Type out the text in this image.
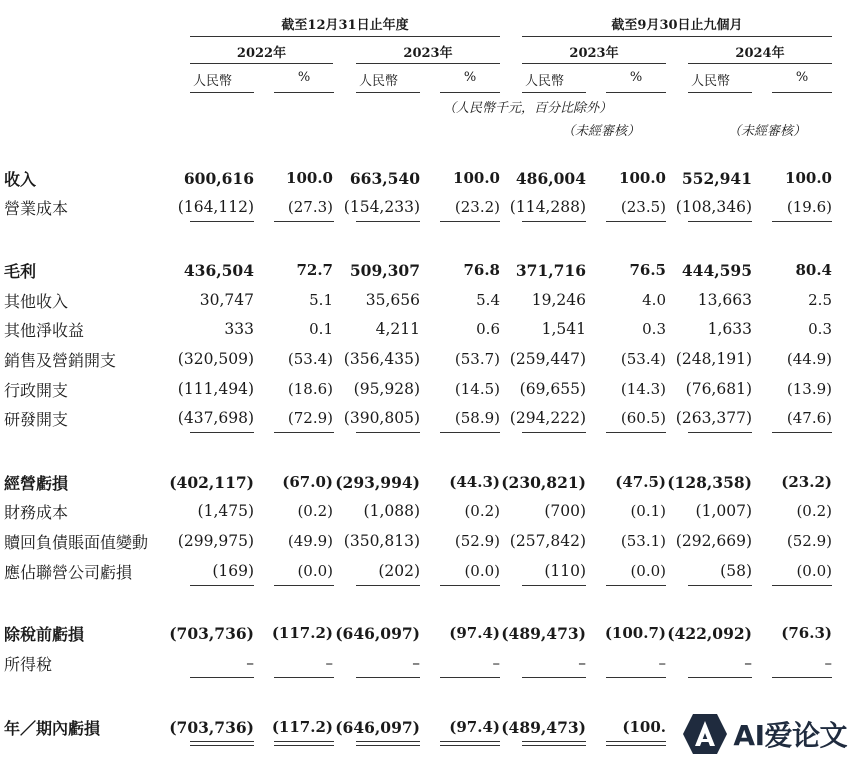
截至12月31日止年度	截至9月30日止九個月
2022年	2023年	2023年	2024年
人民幣	%	人民幣	%	人民幣	%	人民幣	%
（人民幣千元，百分比除外）
（未經審核）	（未經審核）
收入	600,616 100.0 663,540 100.0 486,004 100.0 552,941 100.0
營業成本	(164,112) (27.3) (154,233) (23.2) (114,288) (23.5) (108,346) (19.6)
毛利	436,504	72.7 509,307	76.8 371,716	76.5 444,595	80.4
其他收入	30,747	5.1 35,656	5.4 19,246	4.0 13,663	2.5
其他淨收益	333	0.1	4,211	0.6	1,541	0.3	1,633	0.3
銷售及營銷開支	(320,509) (53.4) (356,435) (53.7) (259,447) (53.4) (248,191) (44.9)
行政開支	(111,494) (18.6) (95,928) (14.5) (69,655) (14.3) (76,681) (13.9)
研發開支	(437,698) (72.9) (390,805) (58.9) (294,222) (60.5) (263,377) (47.6)
經營虧損	(402,117) (67.0) (293,994) (44.3) (230,821) (47.5) (128,358) (23.2)
財務成本	(1,475)	(0.2) (1,088)	(0.2)	(700)	(0.1) (1,007)	(0.2)
贖回負債賬面值變動 (299,975) (49.9) (350,813) (52.9) (257,842) (53.1) (292,669) (52.9)
應佔聯營公司虧損	(169)	(0.0)	(202)	(0.0)	(110)	(0.0)	(58)	(0.0)
除稅前虧損	(703,736) (117.2) (646,097) (97.4) (489,473) (100.7) (422,092) (76.3)
所得稅	–	–	–	–	–	–	–	–
年／期內虧損	(703,736) (117.2) (646,097) (97.4) (489,473) (100. AI爱论文
